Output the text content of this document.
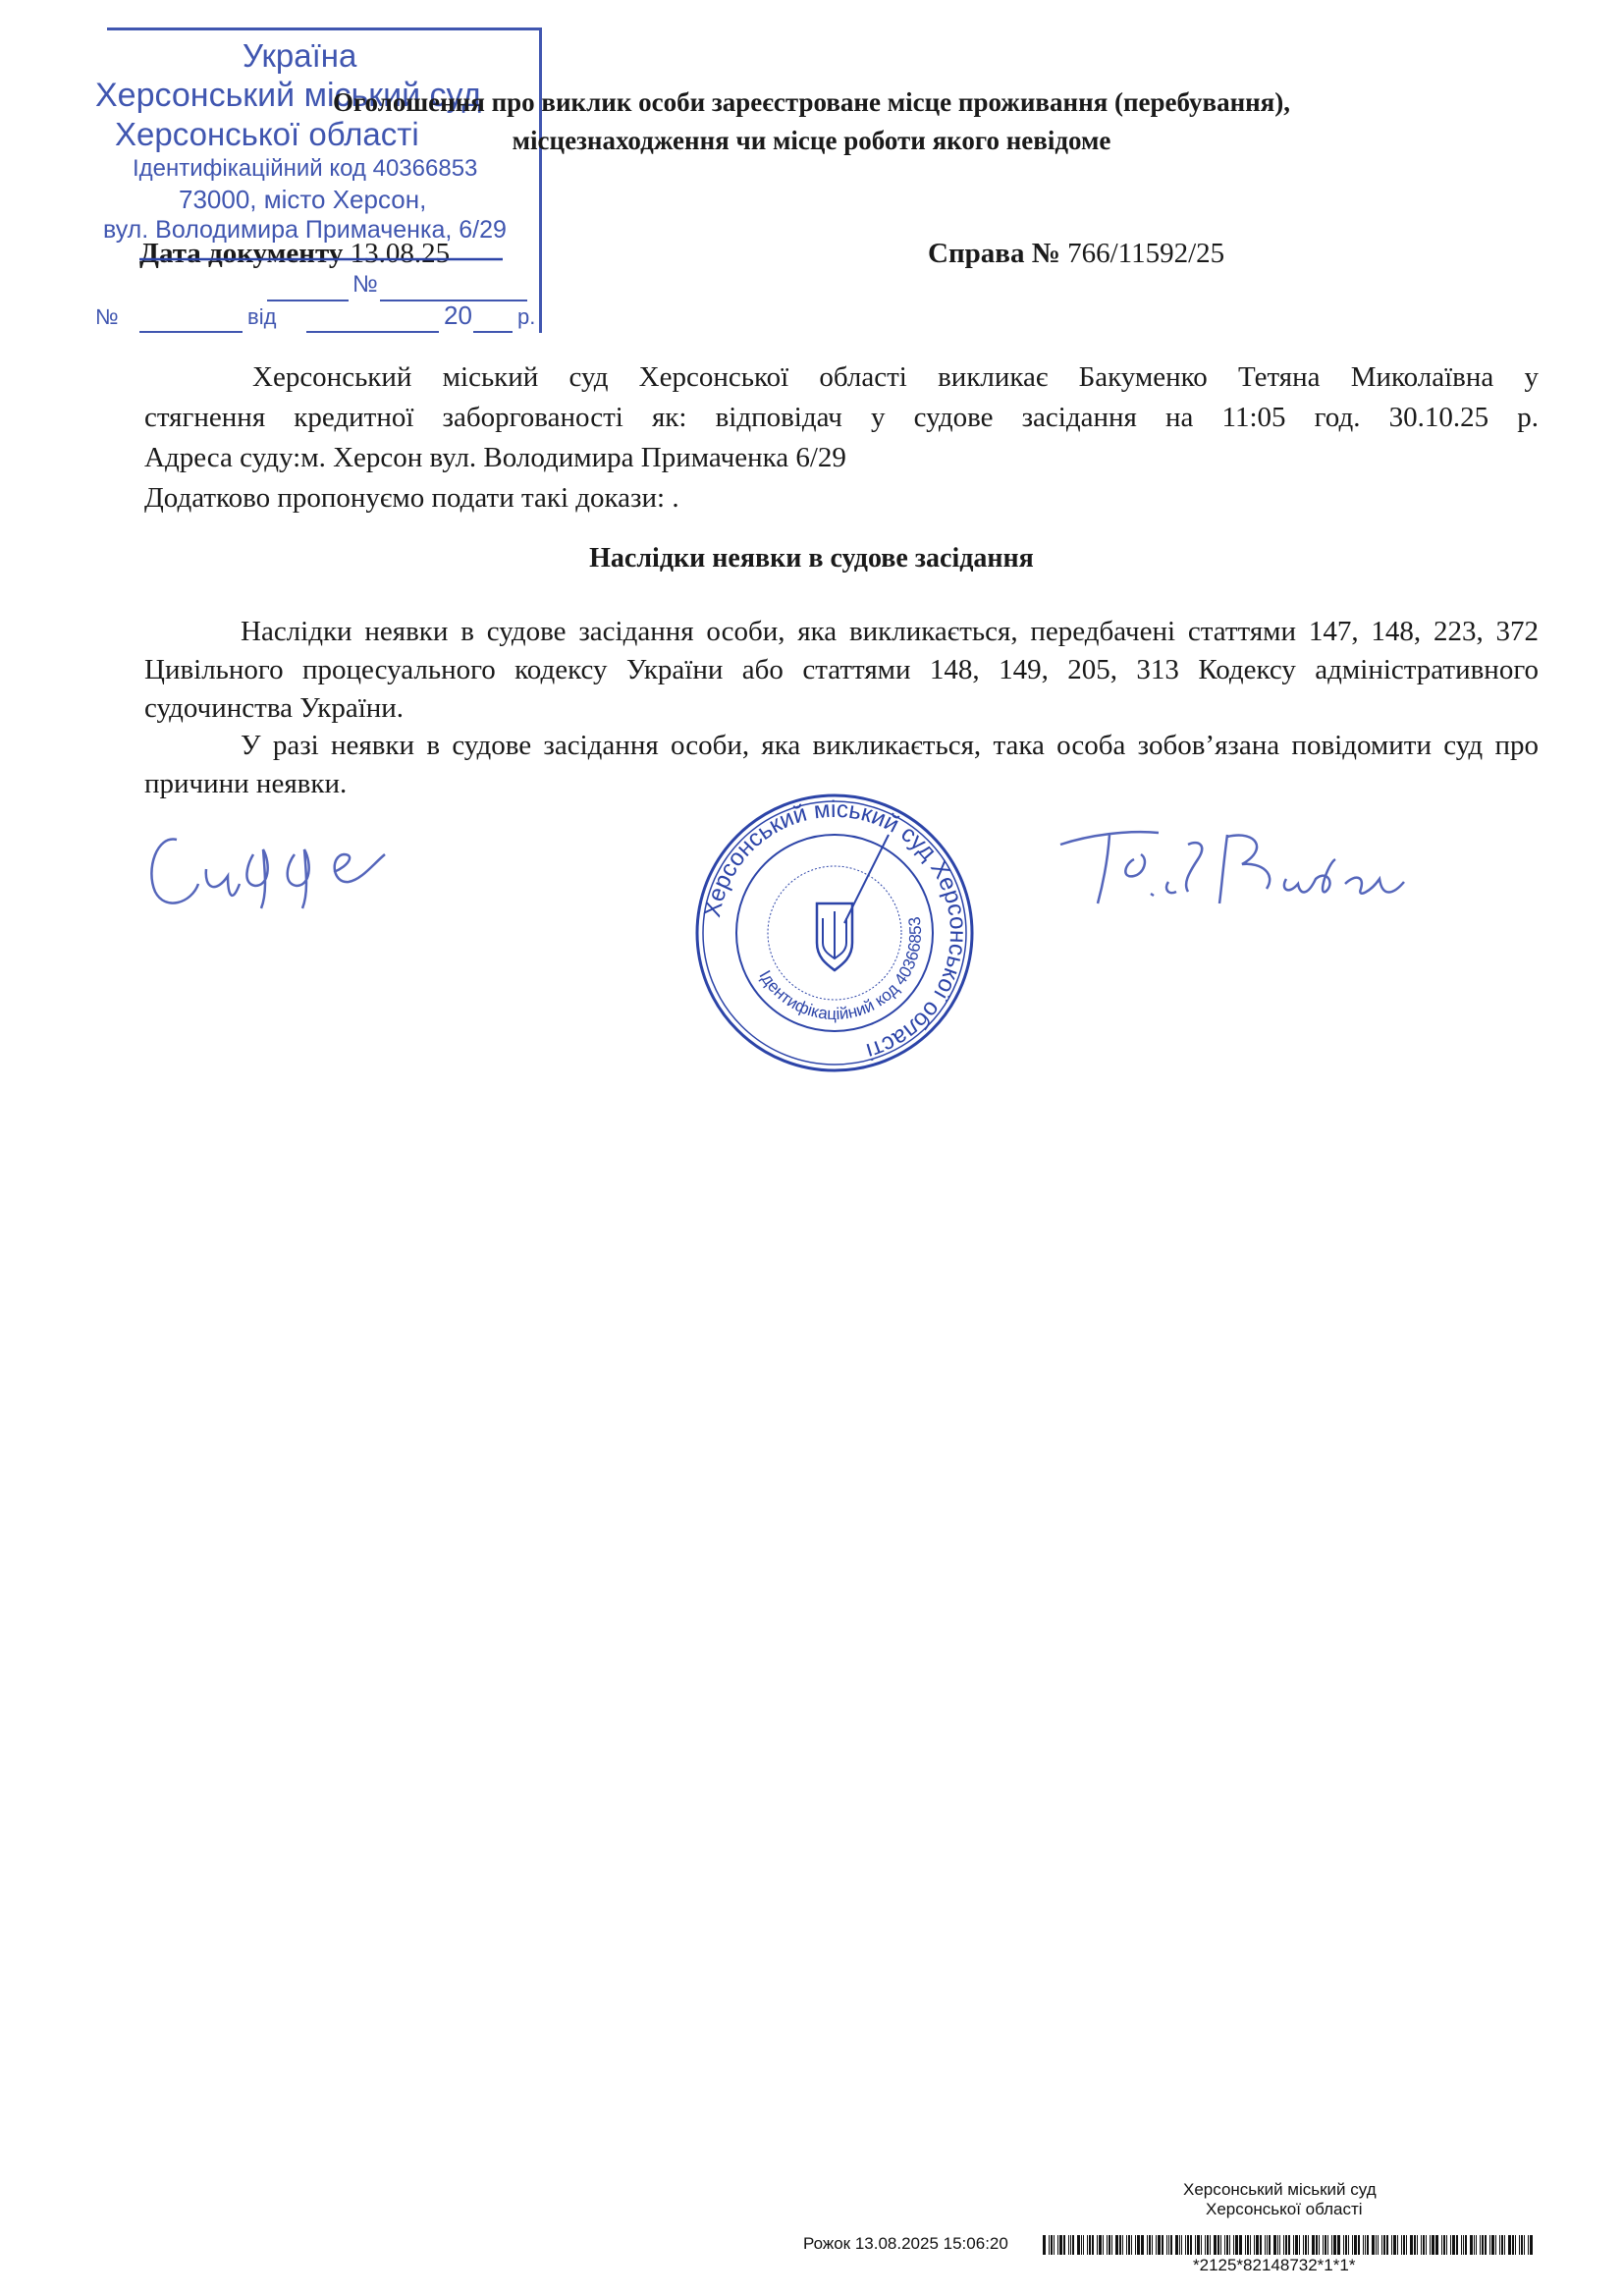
Україна
Херсонський міський суд
Херсонської області
Ідентифікаційний код 40366853
73000, місто Херсон,
вул. Володимира Примаченка, 6/29
№
№	від	20 р.
Оголошення про виклик особи зареєстроване місце проживання (перебування),
місцезнаходження чи місце роботи якого невідоме
Дата документу 13.08.25	Справа № 766/11592/25
Херсонський міський суд Херсонської області викликає Бакуменко Тетяна Миколаївна у
стягнення кредитної заборгованості як: відповідач у судове засідання на 11:05 год. 30.10.25 р.
Адреса суду:м. Херсон вул. Володимира Примаченка 6/29
Додатково пропонуємо подати такі докази: .
Наслідки неявки в судове засідання
Наслідки неявки в судове засідання особи, яка викликається, передбачені статтями 147, 148, 223, 372 Цивільного процесуального кодексу України або статтями 148, 149, 205, 313 Кодексу адміністративного судочинства України.
У разі неявки в судове засідання особи, яка викликається, така особа зобов’язана повідомити суд про причини неявки.
Херсонський міський суд Херсонської області
Ідентифікаційний код 40366853
Херсонський міський суд
Херсонської області
Рожок 13.08.2025 15:06:20
*2125*82148732*1*1*
